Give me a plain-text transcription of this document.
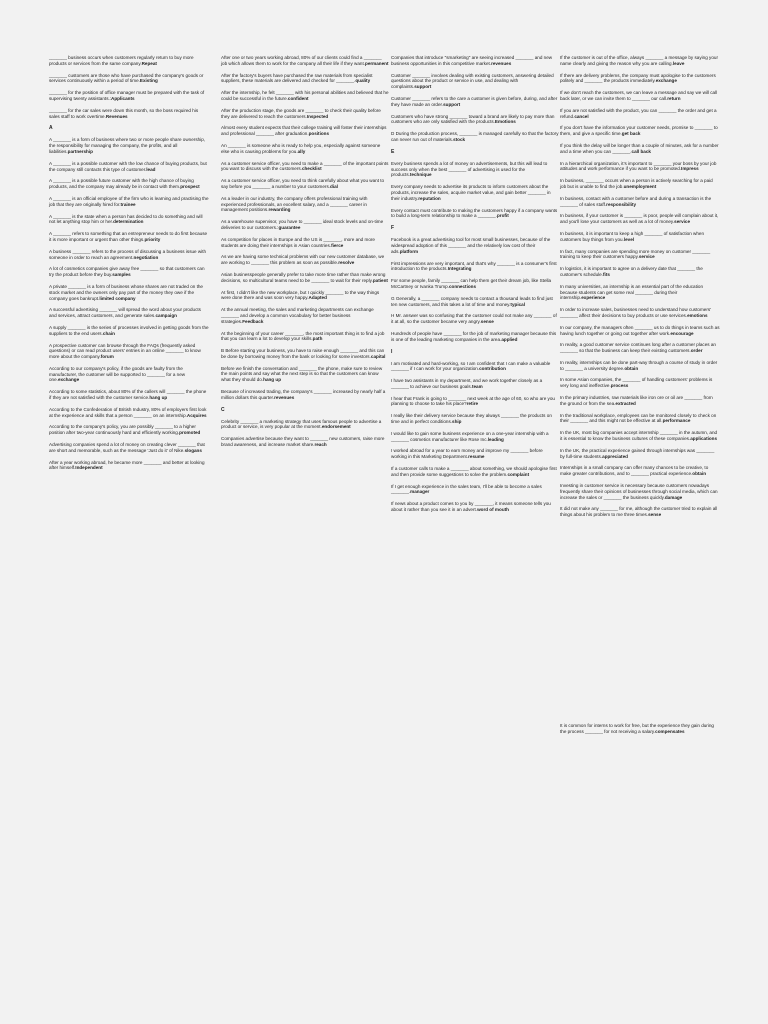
_______ business occurs when customers regularly return to buy more products or services from the same company.Repeat
_______ customers are those who have purchased the company's goods or services continuously within a period of time.Existing
_______ for the position of office manager must be prepared with the task of supervising twenty assistants.:Applicants
_______ for the car sales were down this month, so the boss required his sales staff to work overtime.Revenues
A
A _______ is a form of business where two or more people share ownership, the responsibility for managing the company, the profits, and all liabilities.partnership
A _______ is a possible customer with the low chance of buying products, but the company still contacts this type of customer.lead
A _______ is a possible future customer with the high chance of buying products, and the company may already be in contact with them.prospect
A _______ is an official employee of the firm who is learning and practising the job that they are originally hired for.trainee
A _______ is the state when a person has decided to do something and will not let anything stop him or her.determination
A _______ refers to something that an entrepreneur needs to do first because it is more important or urgent than other things.priority
A business _______ refers to the process of discussing a business issue with someone in order to reach an agreement.negotiation
A lot of cosmetics companies give away free _______ so that customers can try the product before they buy.samples
A private _______ is a form of business whose shares are not traded on the stock market and the owners only pay part of the money they owe if the company goes bankrupt.limited company
A successful advertising _______ will spread the word about your products and services, attract customers, and generate sales.campaign
A supply _______ is the series of processes involved in getting goods from the suppliers to the end users.chain
A prospective customer can browse through the FAQs (frequently asked questions) or can read product users' entries in an online _______ to know more about the company.forum
According to our company's policy, if the goods are faulty from the manufacturer, the customer will be supported to _______ for a new one.exchange
According to some statistics, about 80% of the callers will _______ the phone if they are not satisfied with the customer service.hang up
According to the Confederation of British Industry, 80% of employers first look at the experience and skills that a person _______ on an internship.Acquires
According to the company's policy, you are possibly _______ to a higher position after two-year continuously hard and efficiently working.promoted
Advertising companies spend a lot of money on creating clever _______ that are short and memorable, such as the message 'Just do it' of Nike.slogans
After a year working abroad, he became more _______ and better at looking after himself.Independent
After one or two years working abroad, 80% of our clients could find a _______ job which allows them to work for the company all their life if they want.permanent
After the factory's buyers have purchased the raw materials from specialist suppliers, these materials are delivered and checked for _______.quality
After the internship, he felt _______ with his personal abilities and believed that he could be successful in the future.confident
After the production stage, the goods are _______ to check their quality before they are delivered to reach the customers.Inspected
Almost every student expects that their college training will foster their internships and professional _______ after graduation.positions
An _______ is someone who is ready to help you, especially against someone else who is causing problems for you.ally
As a customer service officer, you need to make a _______ of the important points you want to discuss with the customers.checklist
As a customer service officer, you need to think carefully about what you want to say before you _______ a number to your customers.dial
As a leader in our industry, the company offers professional training with experienced professionals, an excellent salary, and a _______ career in management positions.rewarding
As a warehouse supervisor, you have to _______ ideal stock levels and on-time deliveries to our customers.:guarantee
As competition for places in Europe and the US is _______, more and more students are doing their internships in Asian countries.fierce
As we are having some technical problems with our new customer database, we are working to _______ this problem as soon as possible.resolve
Asian businesspeople generally prefer to take more time rather than make wrong decisions, so multicultural teams need to be _______ to wait for their reply.patient
At first, I didn't like the new workplace, but I quickly _______ to the way things were done there and was soon very happy.Adapted
At the annual meeting, the sales and marketing departments can exchange _______ and develop a common vocabulary for better business strategies.Feedback
At the beginning of your career _______, the most important thing is to find a job that you can learn a lot to develop your skills.path
B Before starting your business, you have to raise enough _______ and this can be done by borrowing money from the bank or looking for some investors.capital
Before we finish the conversation and _______ the phone, make sure to review the main points and say what the next step is so that the customers can know what they should do.hang up
Because of increased trading, the company's _______ increased by nearly half a million dollars this quarter.revenues
C
Celebrity _______ a marketing strategy that uses famous people to advertise a product or service, is very popular at the moment.endorsement
Companies advertise because they want to _______ new customers, raise more brand awareness, and increase market share.reach
Companies that introduce "smarketing" are seeing increased _______ and new business opportunities in this competitive market.revenues
Customer _______ involves dealing with existing customers, answering detailed questions about the product or service in use, and dealing with complaints.support
Customer _______ refers to the care a customer is given before, during, and after they have made an order.support
Customers who have strong _______ toward a brand are likely to pay more than customers who are only satisfied with the products.Emotions
D During the production process, _______ is managed carefully so that the factory can never run out of materials.stock
E
Every business spends a lot of money on advertisements, but this will lead to success only when the best _______ of advertising is used for the products.technique
Every company needs to advertise its products to inform customers about the products, increase the sales, acquire market value, and gain better _______ in their industry.reputation
Every contact must contribute to making the customers happy if a company wants to build a long-term relationship to make a _______.profit
F
Facebook is a great advertising tool for most small businesses, because of the widespread adoption of this _______ and the relatively low cost of their ads.platform
First impressions are very important, and that's why _______ is a consumer's first introduction to the products.Integrating
For some people, family _______ can help them get their dream job, like Stella McCartney or Ivanka Trump.connections
G Generally, a _______ company needs to contact a thousand leads to find just ten new customers, and this takes a lot of time and money.typical
H Mr. answer was so confusing that the customer could not make any _______ of it at all, so the customer became very angry.sense
Hundreds of people have _______ for the job of marketing manager because this is one of the leading marketing companies in the area.applied
I
I am motivated and hard-working, so I am confident that I can make a valuable _______ if I can work for your organization.contribution
I have two assistants in my department, and we work together closely as a _______ to achieve our business goals.team
I hear that Frank is going to _______ next week at the age of 60, so who are you planning to choose to take his place?retire
I really like their delivery service because they always _______ the products on time and in perfect conditions.ship
I would like to gain some business experience on a one-year internship with a _______ cosmetics manufacturer like Rose Inc.leading
I worked abroad for a year to earn money and improve my _______ before working in this Marketing Department.resume
If a customer calls to make a _______ about something, we should apologise first and then provide some suggestions to solve the problem.complaint
If I get enough experience in the sales team, I'll be able to become a sales _______.manager
If news about a product comes to you by _______, it means someone tells you about it rather than you see it in an advert.word of mouth
If the customer is out of the office, always _______ a message by saying your name clearly and giving the reason why you are calling.leave
If there are delivery problems, the company must apologise to the customers politely and _______ the products immediately.exchange
If we don't reach the customers, we can leave a message and say we will call back later, or we can invite them to _______ our call.return
If you are not satisfied with the product, you can _______ the order and get a refund.cancel
If you don't have the information your customer needs, promise to _______ to them, and give a specific time.get back
If you think the delay will be longer than a couple of minutes, ask for a number and a time when you can _______.call back
In a hierarchical organization, it's important to _______ your boss by your job attitudes and work performance if you want to be promoted.Impress
In business, _______ occurs when a person is actively searching for a paid job but is unable to find the job.unemployment
In business, contact with a customer before and during a transaction is the _______ of sales staff.responsibility
In business, if your customer is _______ is poor, people will complain about it, and you'll lose your customers as well as a lot of money.service
In business, it is important to keep a high _______ of satisfaction when customers buy things from you.level
In fact, many companies are spending more money on customer _______ training to keep their customers happy.service
In logistics, it is important to agree on a delivery date that _______ the customer's schedule.fits
In many universities, an internship is an essential part of the education because students can get some real _______ during their internship.experience
In order to increase sales, businesses need to understand how customers' _______ affect their decisions to buy products or use services.emotions
In our company, the managers often _______ us to do things in teams such as having lunch together or going out together after work.encourage
In reality, a good customer service continues long after a customer places an _______ so that the business can keep their existing customers.order
In reality, internships can be done part-way through a course of study in order to _______ a university degree.obtain
In some Asian companies, the _______ of handling customers' problems is very long and ineffective.process
In the primary industries, raw materials like iron ore or oil are _______ from the ground or from the sea.extracted
In the traditional workplace, employees can be monitored closely to check on their _______ and this might not be effective at all.performance
In the UK, most big companies accept internship _______ in the autumn, and it is essential to know the business cultures of these companies.applications
In the UK, the practical experience gained through internships was _______ by full-time students.appreciated
Internships in a small company can offer many chances to be creative, to make greater contributions, and to _______ practical experience.obtain
Investing in customer service is necessary because customers nowadays frequently share their opinions of businesses through social media, which can increase the sales or _______ the business quickly.damage
It did not make any _______ for me, although the customer tried to explain all things about his problem to me three times.sense
It is common for interns to work for free, but the experience they gain during the process _______ for not receiving a salary.compensates
